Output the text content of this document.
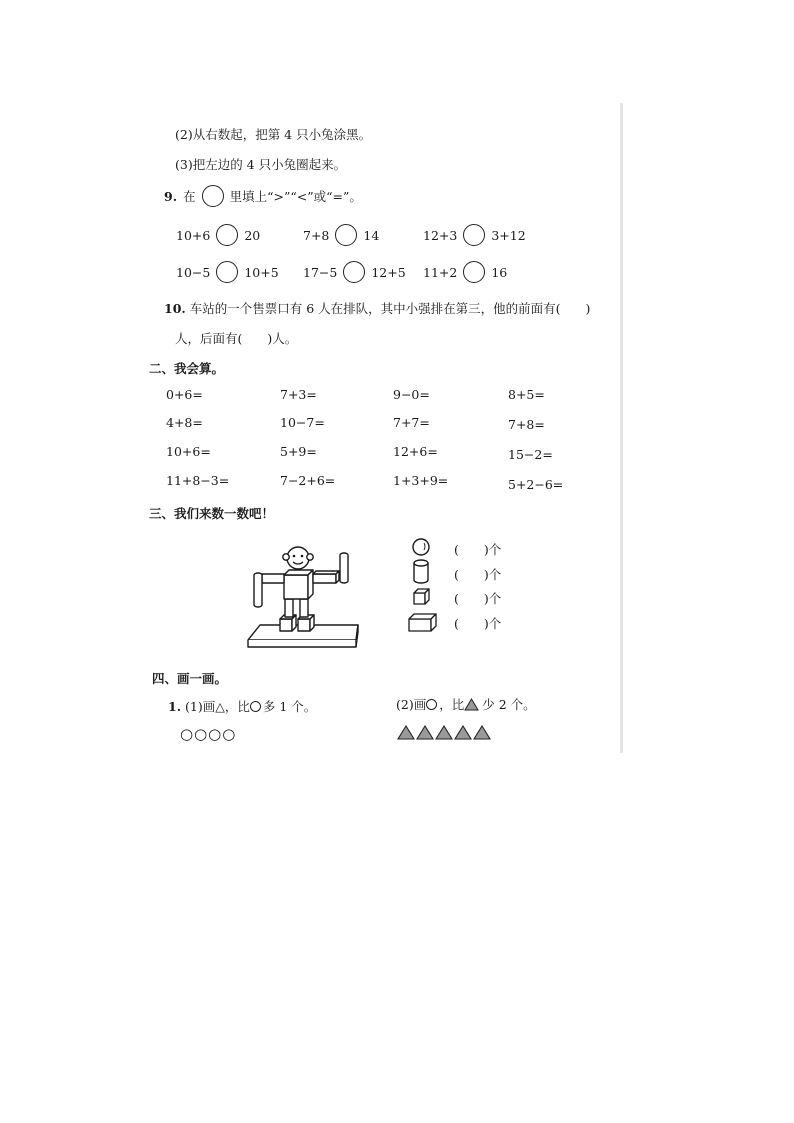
(2)从右数起，把第 4 只小兔涂黑。
(3)把左边的 4 只小兔圈起来。
9. 在	里填上“>”“<”或“=”。
10+6	20	7+8	14	12+3	3+12
10−5	10+5 17−5	12+5 11+2	16
10. 车站的一个售票口有 6 人在排队，其中小强排在第三，他的前面有(　　)
人，后面有(　　)人。
二、我会算。
0+6=	7+3=	9−0=	8+5=
4+8=	10−7=	7+7=	7+8=
10+6=	5+9=	12+6=	15−2=
11+8−3=	7−2+6=	1+3+9=	5+2−6=
三、我们来数一数吧！
(　　)个
(　　)个
(　　)个
(　　)个
四、画一画。
1. (1)画△，比 多 1 个。
○○○○
(2)画 ，比 少 2 个。
